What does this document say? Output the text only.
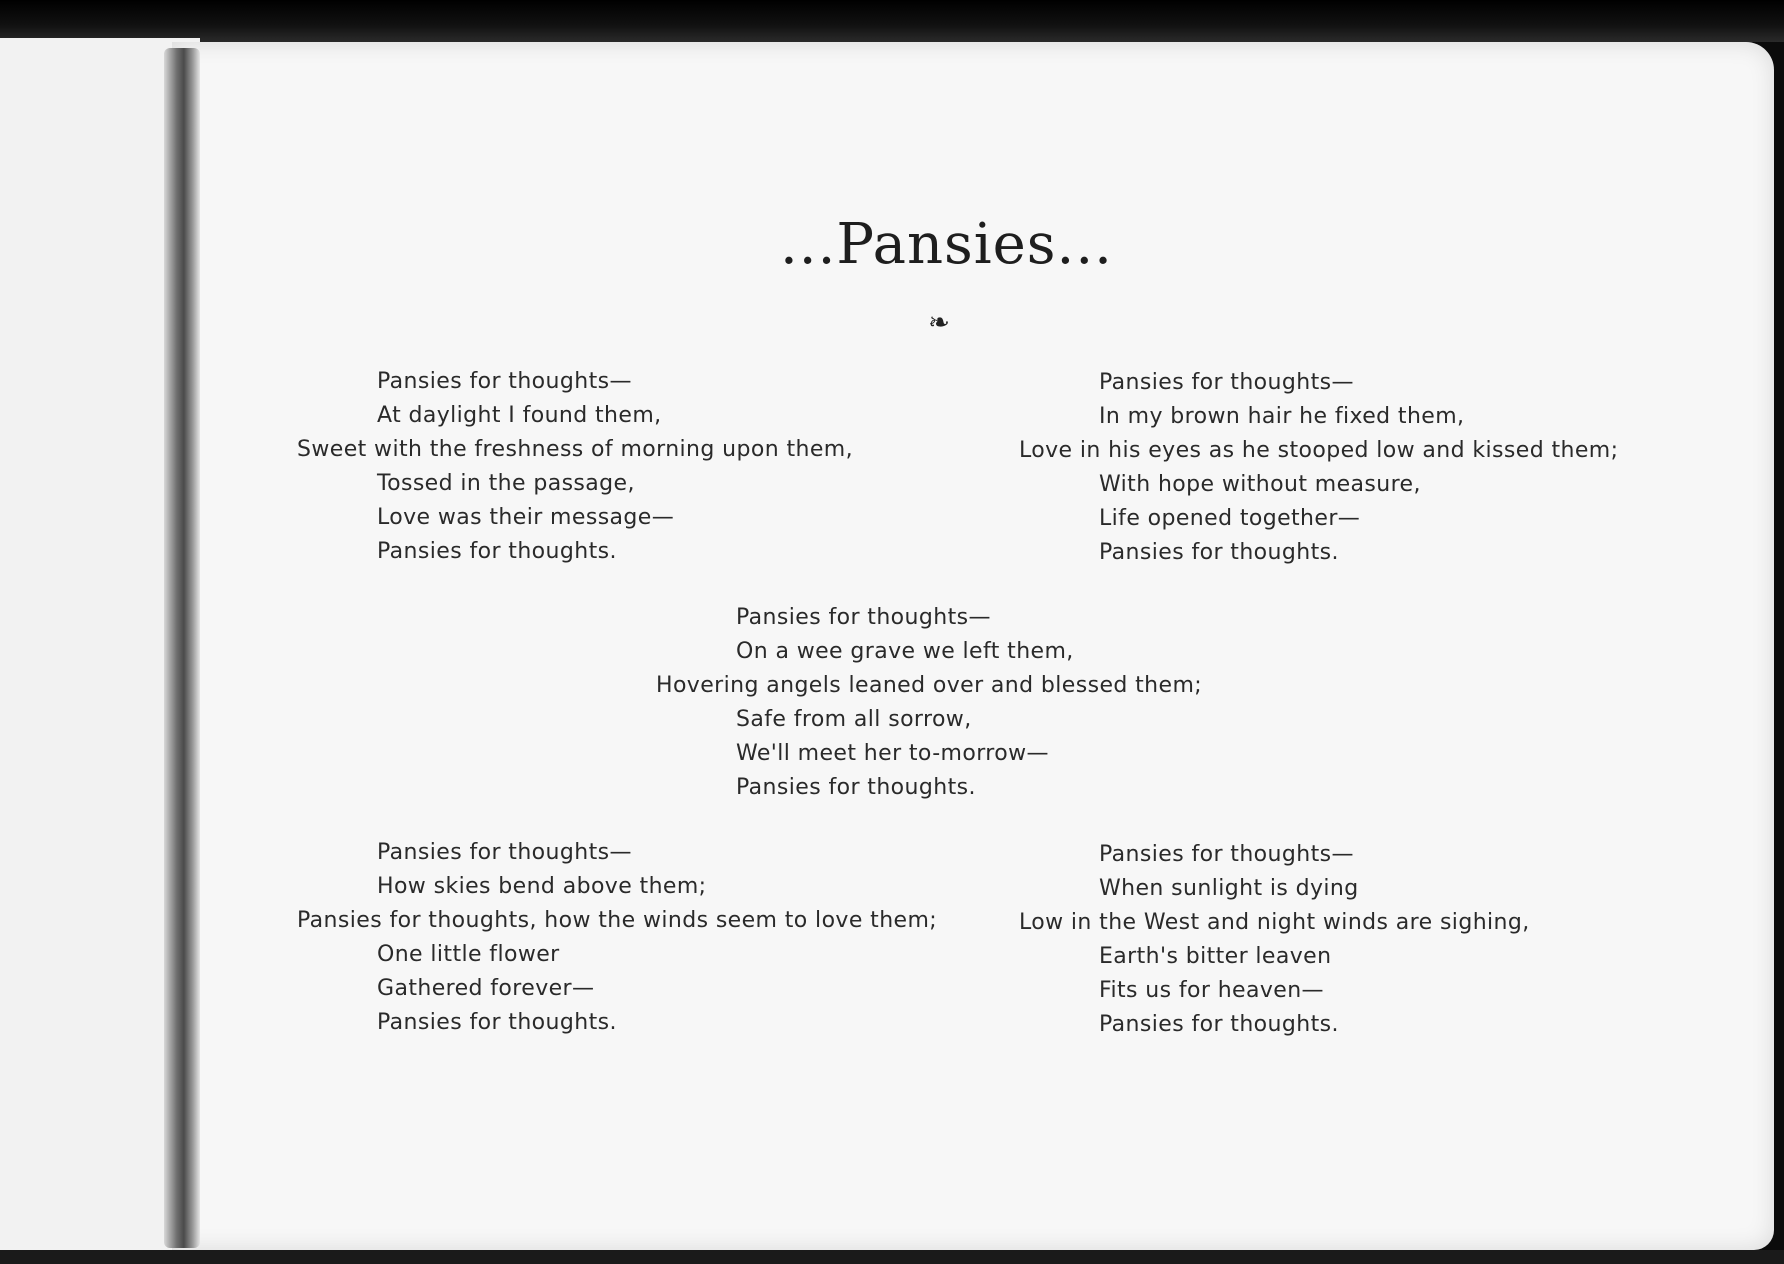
...Pansies...
❧
Pansies for thoughts—
At daylight I found them,
Sweet with the freshness of morning upon them,
Tossed in the passage,
Love was their message—
Pansies for thoughts.
Pansies for thoughts—
In my brown hair he fixed them,
Love in his eyes as he stooped low and kissed them;
With hope without measure,
Life opened together—
Pansies for thoughts.
Pansies for thoughts—
On a wee grave we left them,
Hovering angels leaned over and blessed them;
Safe from all sorrow,
We'll meet her to-morrow—
Pansies for thoughts.
Pansies for thoughts—
How skies bend above them;
Pansies for thoughts, how the winds seem to love them;
One little flower
Gathered forever—
Pansies for thoughts.
Pansies for thoughts—
When sunlight is dying
Low in the West and night winds are sighing,
Earth's bitter leaven
Fits us for heaven—
Pansies for thoughts.
